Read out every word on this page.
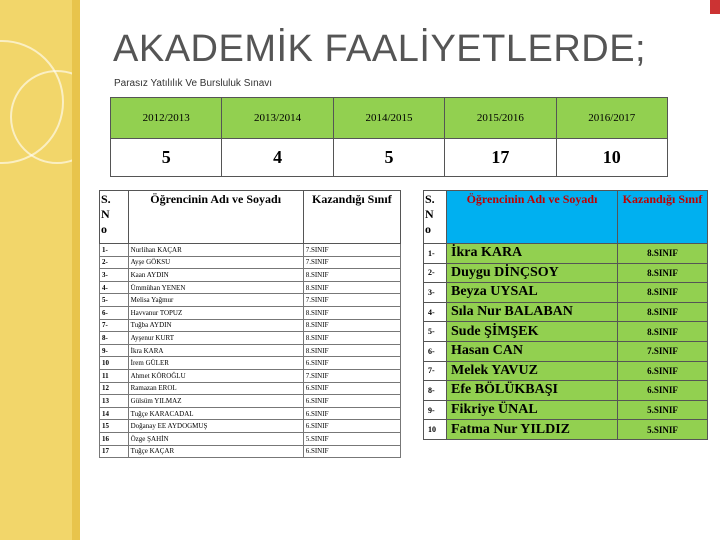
AKADEMİK FAALİYETLERDE;
Parasız Yatılılık Ve Bursluluk Sınavı
2012/2013	2013/2014	2014/2015	2015/2016	2016/2017
5	4	5	17	10
S.
N
o	Öğrencinin Adı ve Soyadı	Kazandığı Sınıf
1-	Nurlihan KAÇAR	7.SINIF
2-	Ayşe GÖKSU	7.SINIF
3-	Kaan AYDIN	8.SINIF
4-	Ümmühan YENEN	8.SINIF
5-	Melisa Yağmur	7.SINIF
6-	Havvanur TOPUZ	8.SINIF
7-	Tuğba AYDIN	8.SINIF
8-	Ayşenur KURT	8.SINIF
9-	İkra KARA	8.SINIF
10	İrem GÜLER	6.SINIF
11	Ahmet KÖROĞLU	7.SINIF
12	Ramazan EROL	6.SINIF
13	Gülsüm YILMAZ	6.SINIF
14	Tuğçe KARACADAL	6.SINIF
15	Doğanay EE AYDOGMUŞ	6.SINIF
16	Özge ŞAHİN	5.SINIF
17	Tuğçe KAÇAR	6.SINIF
S.
N
o	Öğrencinin Adı ve Soyadı	Kazandığı Sınıf
1-	İkra KARA	8.SINIF
2-	Duygu DİNÇSOY	8.SINIF
3-	Beyza UYSAL	8.SINIF
4-	Sıla Nur BALABAN	8.SINIF
5-	Sude ŞİMŞEK	8.SINIF
6-	Hasan CAN	7.SINIF
7-	Melek YAVUZ	6.SINIF
8-	Efe BÖLÜKBAŞI	6.SINIF
9-	Fikriye ÜNAL	5.SINIF
10	Fatma Nur YILDIZ	5.SINIF
